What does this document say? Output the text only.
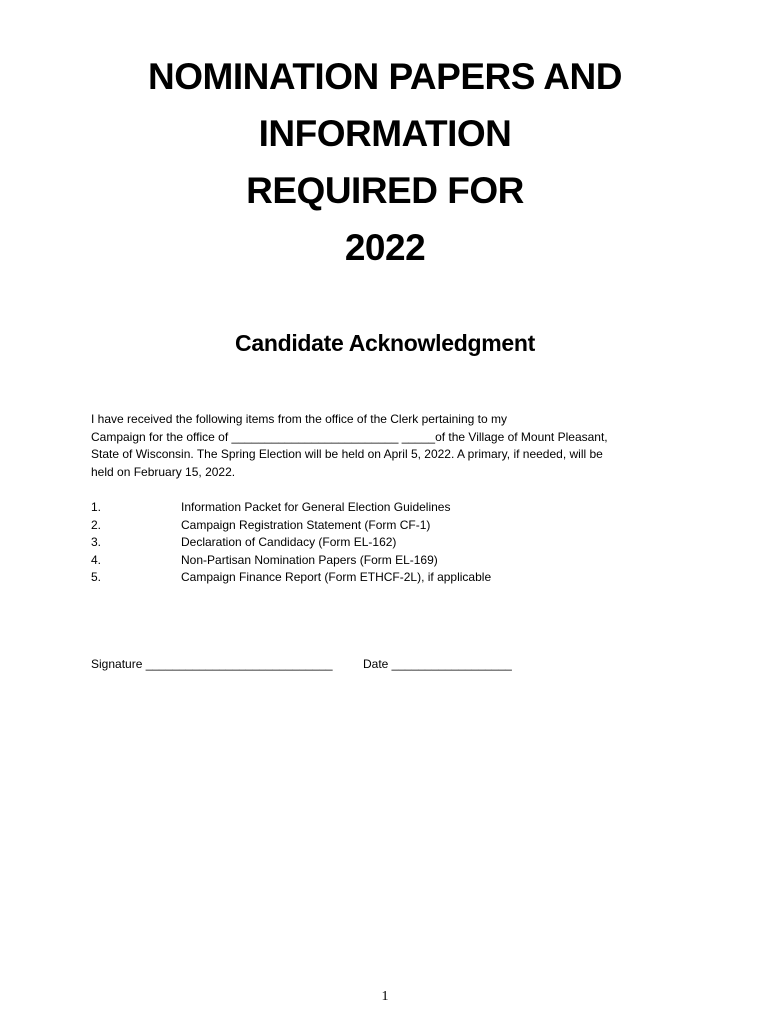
NOMINATION PAPERS AND
INFORMATION
REQUIRED FOR
2022
Candidate Acknowledgment
I have received the following items from the office of the Clerk pertaining to my
Campaign for the office of _________________________ _____of the Village of Mount Pleasant,
State of Wisconsin. The Spring Election will be held on April 5, 2022. A primary, if needed, will be
held on February 15, 2022.
1.	Information Packet for General Election Guidelines
2.	Campaign Registration Statement (Form CF-1)
3.	Declaration of Candidacy (Form EL-162)
4.	Non-Partisan Nomination Papers (Form EL-169)
5.	Campaign Finance Report (Form ETHCF-2L), if applicable
Signature ____________________________	Date __________________
1
